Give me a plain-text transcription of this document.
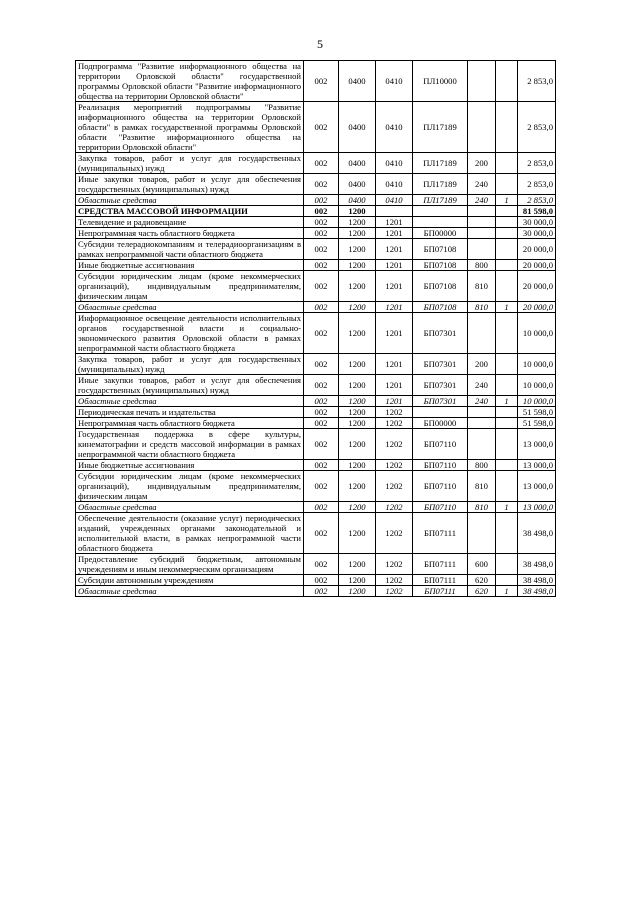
5
Подпрограмма "Развитие информационного общества на территории Орловской области" государственной программы Орловской области "Развитие информационного общества на территории Орловской области"	002	0400	0410	ПЛ10000			2 853,0
Реализация мероприятий подпрограммы "Развитие информационного общества на территории Орловской области" в рамках государственной программы Орловской области "Развитие информационного общества на территории Орловской области"	002	0400	0410	ПЛ17189			2 853,0
Закупка товаров, работ и услуг для государственных (муниципальных) нужд	002	0400	0410	ПЛ17189	200		2 853,0
Иные закупки товаров, работ и услуг для обеспечения государственных (муниципальных) нужд	002	0400	0410	ПЛ17189	240		2 853,0
Областные средства	002	0400	0410	ПЛ17189	240	1	2 853,0
СРЕДСТВА МАССОВОЙ ИНФОРМАЦИИ	002	1200					81 598,0
Телевидение и радиовещание	002	1200	1201				30 000,0
Непрограммная часть областного бюджета	002	1200	1201	БП00000			30 000,0
Субсидии телерадиокомпаниям и телерадиоорганизациям в рамках непрограммной части областного бюджета	002	1200	1201	БП07108			20 000,0
Иные бюджетные ассигнования	002	1200	1201	БП07108	800		20 000,0
Субсидии юридическим лицам (кроме некоммерческих организаций), индивидуальным предпринимателям, физическим лицам	002	1200	1201	БП07108	810		20 000,0
Областные средства	002	1200	1201	БП07108	810	1	20 000,0
Информационное освещение деятельности исполнительных органов государственной власти и социально-экономического развития Орловской области в рамках непрограммной части областного бюджета	002	1200	1201	БП07301			10 000,0
Закупка товаров, работ и услуг для государственных (муниципальных) нужд	002	1200	1201	БП07301	200		10 000,0
Иные закупки товаров, работ и услуг для обеспечения государственных (муниципальных) нужд	002	1200	1201	БП07301	240		10 000,0
Областные средства	002	1200	1201	БП07301	240	1	10 000,0
Периодическая печать и издательства	002	1200	1202				51 598,0
Непрограммная часть областного бюджета	002	1200	1202	БП00000			51 598,0
Государственная поддержка в сфере культуры, кинематографии и средств массовой информации в рамках непрограммной части областного бюджета	002	1200	1202	БП07110			13 000,0
Иные бюджетные ассигнования	002	1200	1202	БП07110	800		13 000,0
Субсидии юридическим лицам (кроме некоммерческих организаций), индивидуальным предпринимателям, физическим лицам	002	1200	1202	БП07110	810		13 000,0
Областные средства	002	1200	1202	БП07110	810	1	13 000,0
Обеспечение деятельности (оказание услуг) периодических изданий, учрежденных органами законодательной и исполнительной власти, в рамках непрограммной части областного бюджета	002	1200	1202	БП07111			38 498,0
Предоставление субсидий бюджетным, автономным учреждениям и иным некоммерческим организациям	002	1200	1202	БП07111	600		38 498,0
Субсидии автономным учреждениям	002	1200	1202	БП07111	620		38 498,0
Областные средства	002	1200	1202	БП07111	620	1	38 498,0
